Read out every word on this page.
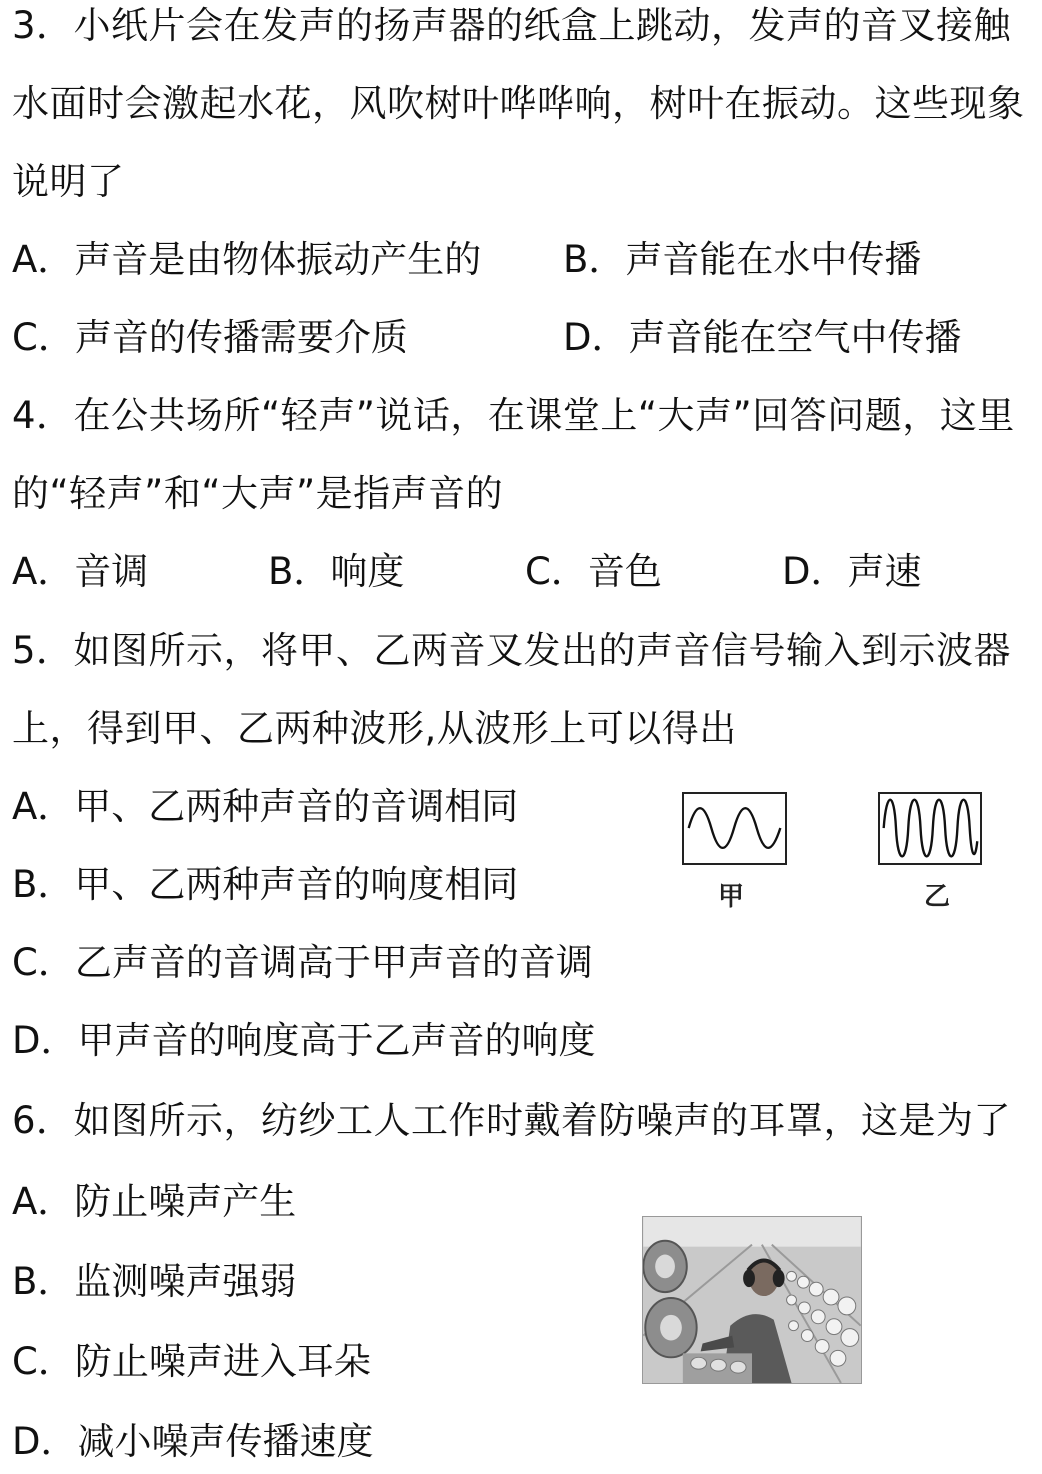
3．小纸片会在发声的扬声器的纸盒上跳动，发声的音叉接触
水面时会激起水花，风吹树叶哗哗响，树叶在振动。这些现象
说明了
A．声音是由物体振动产生的 B．声音能在水中传播
C．声音的传播需要介质	D．声音能在空气中传播
4．在公共场所“轻声”说话，在课堂上“大声”回答问题，这里
的“轻声”和“大声”是指声音的
A．音调	B．响度	C．音色	D．声速
5．如图所示，将甲、乙两音叉发出的声音信号输入到示波器
上，得到甲、乙两种波形,从波形上可以得出
A．甲、乙两种声音的音调相同
B．甲、乙两种声音的响度相同
C．乙声音的音调高于甲声音的音调
D．甲声音的响度高于乙声音的响度
甲	乙
6．如图所示，纺纱工人工作时戴着防噪声的耳罩，这是为了
A．防止噪声产生
B．监测噪声强弱
C．防止噪声进入耳朵
D．减小噪声传播速度
